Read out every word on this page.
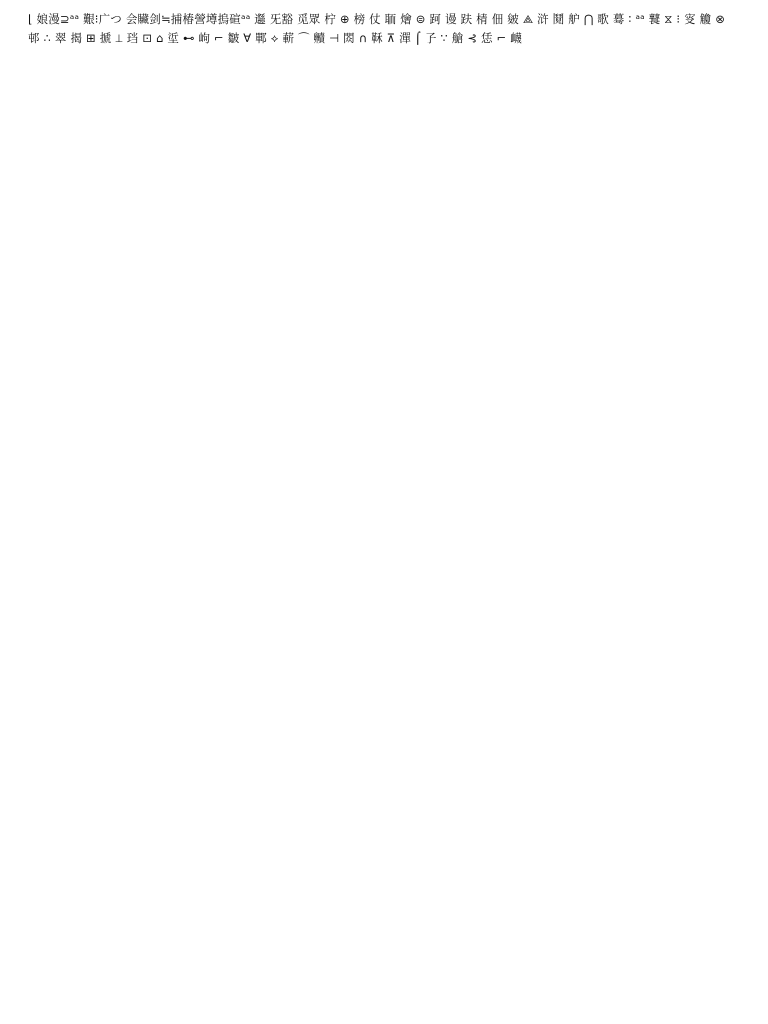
⌊ 娘漫⊇ᵃᵃ 艱⁝广つ 会贜剑≒捕椿謍墫摀碹ᵃᵃ 邎 旡豁 觅眾 柠 ⊕ 榜 仗 聏 燴 ⊜ 跒 谩 趺 棈 佃 皴 ⟁ 浒 鬩 舮 ⋂ 歌 蓦 ∶ ᵃᵃ 鼚 ⧖ ⁝ 叜 觼 ⊗ 邨 ∴ 翠 揭 ⊞ 搋 ⟂ 珰 ⊡ ⌂ 垽 ⊷ 岣 ⌐ 皺 ∀ 鄲 ⟡ 蔪 ⌒ 贕 ⊣ 閦 ∩ 鞂 ⊼ 潬 ⌠ 孒 ∵ 艙 ⊰ 恁 ⌐ 衊
